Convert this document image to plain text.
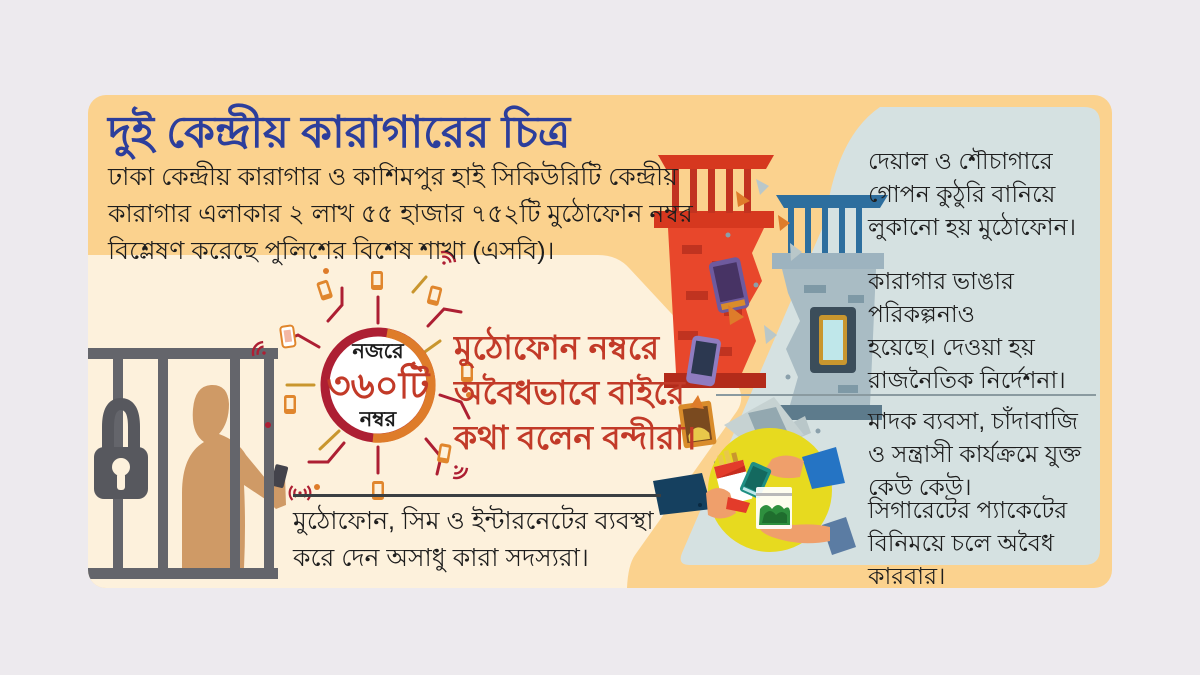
দুই কেন্দ্রীয় কারাগারের চিত্র
ঢাকা কেন্দ্রীয় কারাগার ও কাশিমপুর হাই সিকিউরিটি কেন্দ্রীয়
কারাগার এলাকার ২ লাখ ৫৫ হাজার ৭৫২টি মুঠোফোন নম্বর
বিশ্লেষণ করেছে পুলিশের বিশেষ শাখা (এসবি)।
নজরে
৩৬০টি
নম্বর
মুঠোফোন নম্বরে
অবৈধভাবে বাইরে
কথা বলেন বন্দীরা।
মুঠোফোন, সিম ও ইন্টারনেটের ব্যবস্থা
করে দেন অসাধু কারা সদস্যরা।
দেয়াল ও শৌচাগারে
গোপন কুঠুরি বানিয়ে
লুকানো হয় মুঠোফোন।
কারাগার ভাঙার পরিকল্পনাও
হয়েছে। দেওয়া হয়
রাজনৈতিক নির্দেশনা।
মাদক ব্যবসা, চাঁদাবাজি
ও সন্ত্রাসী কার্যক্রমে যুক্ত
কেউ কেউ।
সিগারেটের প্যাকেটের
বিনিময়ে চলে অবৈধ কারবার।
